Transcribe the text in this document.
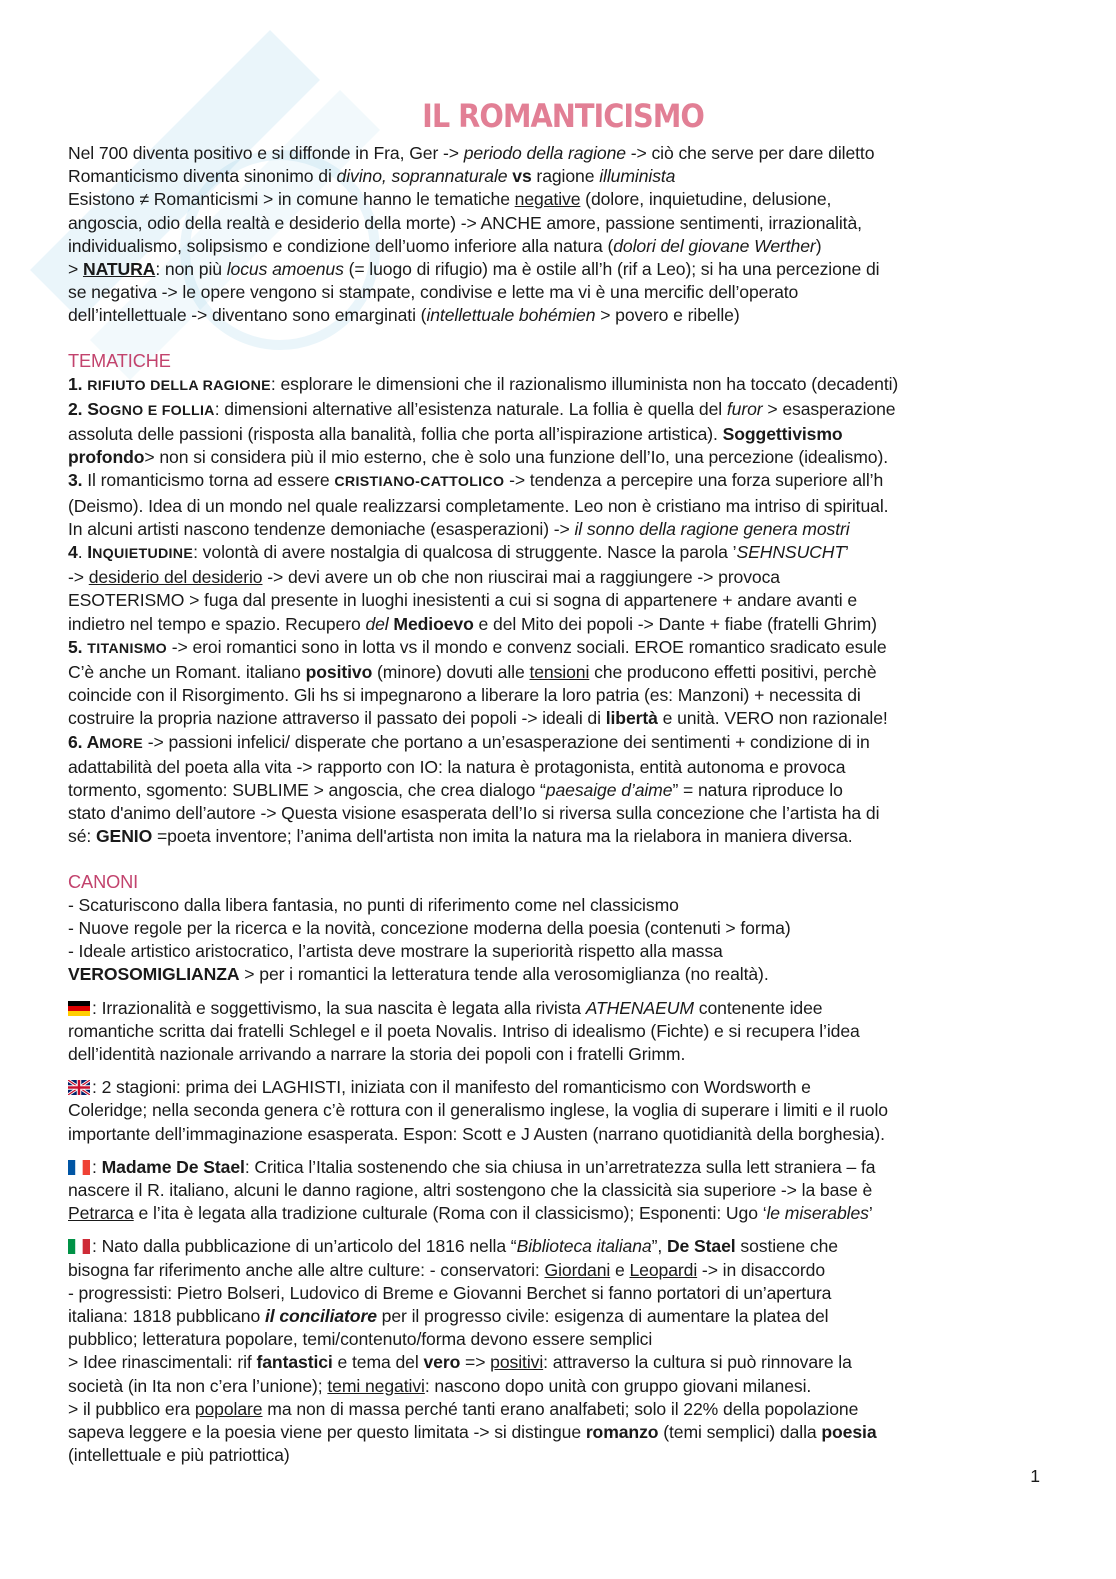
IL ROMANTICISMO

Nel 700 diventa positivo e si diffonde in Fra, Ger -> periodo della ragione -> ciò che serve per dare diletto

Romanticismo diventa sinonimo di divino, soprannaturale vs ragione illuminista

Esistono ≠ Romanticismi > in comune hanno le tematiche negative (dolore, inquietudine, delusione,

angoscia, odio della realtà e desiderio della morte) -> ANCHE amore, passione sentimenti, irrazionalità,

individualismo, solipsismo e condizione dell’uomo inferiore alla natura (dolori del giovane Werther)

> NATURA: non più locus amoenus (= luogo di rifugio) ma è ostile all’h (rif a Leo); si ha una percezione di

se negativa -> le opere vengono si stampate, condivise e lette ma vi è una mercific dell’operato

dell’intellettuale -> diventano sono emarginati (intellettuale bohémien > povero e ribelle)

TEMATICHE

1. RIFIUTO DELLA RAGIONE: esplorare le dimensioni che il razionalismo illuminista non ha toccato (decadenti)

2. SOGNO E FOLLIA: dimensioni alternative all’esistenza naturale. La follia è quella del furor > esasperazione

assoluta delle passioni (risposta alla banalità, follia che porta all’ispirazione artistica). Soggettivismo

profondo> non si considera più il mio esterno, che è solo una funzione dell’Io, una percezione (idealismo).

3. Il romanticismo torna ad essere CRISTIANO-CATTOLICO -> tendenza a percepire una forza superiore all’h

(Deismo). Idea di un mondo nel quale realizzarsi completamente. Leo non è cristiano ma intriso di spiritual.

In alcuni artisti nascono tendenze demoniache (esasperazioni) -> il sonno della ragione genera mostri

4. INQUIETUDINE: volontà di avere nostalgia di qualcosa di struggente. Nasce la parola ’SEHNSUCHT’

-> desiderio del desiderio -> devi avere un ob che non riuscirai mai a raggiungere -> provoca

ESOTERISMO > fuga dal presente in luoghi inesistenti a cui si sogna di appartenere + andare avanti e

indietro nel tempo e spazio. Recupero del Medioevo e del Mito dei popoli -> Dante + fiabe (fratelli Ghrim)

5. TITANISMO -> eroi romantici sono in lotta vs il mondo e convenz sociali. EROE romantico sradicato esule

C’è anche un Romant. italiano positivo (minore) dovuti alle tensioni che producono effetti positivi, perchè

coincide con il Risorgimento. Gli hs si impegnarono a liberare la loro patria (es: Manzoni) + necessita di

costruire la propria nazione attraverso il passato dei popoli -> ideali di libertà e unità. VERO non razionale!

6. AMORE -> passioni infelici/ disperate che portano a un’esasperazione dei sentimenti + condizione di in

adattabilità del poeta alla vita -> rapporto con IO: la natura è protagonista, entità autonoma e provoca

tormento, sgomento: SUBLIME > angoscia, che crea dialogo “paesaige d’aime” = natura riproduce lo

stato d'animo dell’autore -> Questa visione esasperata dell’Io si riversa sulla concezione che l’artista ha di

sé: GENIO =poeta inventore; l’anima dell'artista non imita la natura ma la rielabora in maniera diversa.

CANONI

- Scaturiscono dalla libera fantasia, no punti di riferimento come nel classicismo

- Nuove regole per la ricerca e la novità, concezione moderna della poesia (contenuti > forma)

- Ideale artistico aristocratico, l’artista deve mostrare la superiorità rispetto alla massa

VEROSOMIGLIANZA > per i romantici la letteratura tende alla verosomiglianza (no realtà).

: Irrazionalità e soggettivismo, la sua nascita è legata alla rivista ATHENAEUM contenente idee

romantiche scritta dai fratelli Schlegel e il poeta Novalis. Intriso di idealismo (Fichte) e si recupera l’idea

dell’identità nazionale arrivando a narrare la storia dei popoli con i fratelli Grimm.

: 2 stagioni: prima dei LAGHISTI, iniziata con il manifesto del romanticismo con Wordsworth e

Coleridge; nella seconda genera c’è rottura con il generalismo inglese, la voglia di superare i limiti e il ruolo

importante dell’immaginazione esasperata. Espon: Scott e J Austen (narrano quotidianità della borghesia).

: Madame De Stael: Critica l’Italia sostenendo che sia chiusa in un’arretratezza sulla lett straniera – fa

nascere il R. italiano, alcuni le danno ragione, altri sostengono che la classicità sia superiore -> la base è

Petrarca e l’ita è legata alla tradizione culturale (Roma con il classicismo); Esponenti: Ugo ‘le miserables’

: Nato dalla pubblicazione di un’articolo del 1816 nella “Biblioteca italiana”, De Stael sostiene che

bisogna far riferimento anche alle altre culture: - conservatori: Giordani e Leopardi -> in disaccordo

- progressisti: Pietro Bolseri, Ludovico di Breme e Giovanni Berchet si fanno portatori di un’apertura

italiana: 1818 pubblicano il conciliatore per il progresso civile: esigenza di aumentare la platea del

pubblico; letteratura popolare, temi/contenuto/forma devono essere semplici

> Idee rinascimentali: rif fantastici e tema del vero => positivi: attraverso la cultura si può rinnovare la

società (in Ita non c’era l’unione); temi negativi: nascono dopo unità con gruppo giovani milanesi.

> il pubblico era popolare ma non di massa perché tanti erano analfabeti; solo il 22% della popolazione

sapeva leggere e la poesia viene per questo limitata -> si distingue romanzo (temi semplici) dalla poesia

(intellettuale e più patriottica)

1
